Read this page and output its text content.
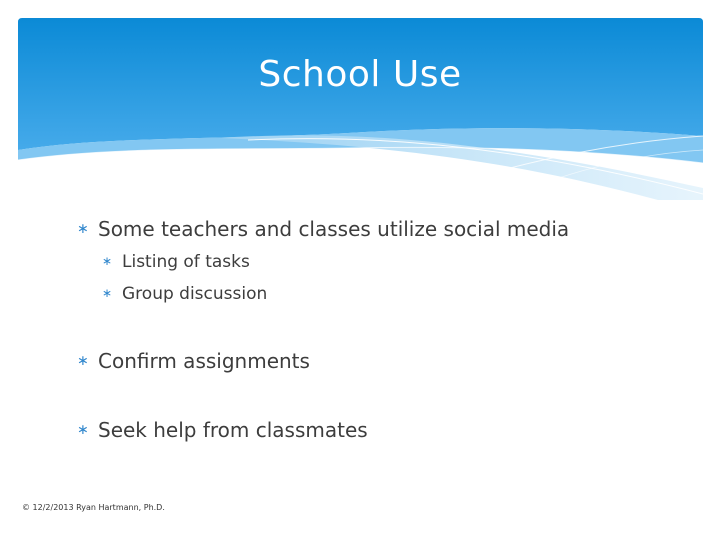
School Use
∗ Some teachers and classes utilize social media
∗ Listing of tasks
∗ Group discussion
∗ Confirm assignments
∗ Seek help from classmates
© 12/2/2013 Ryan Hartmann, Ph.D.
